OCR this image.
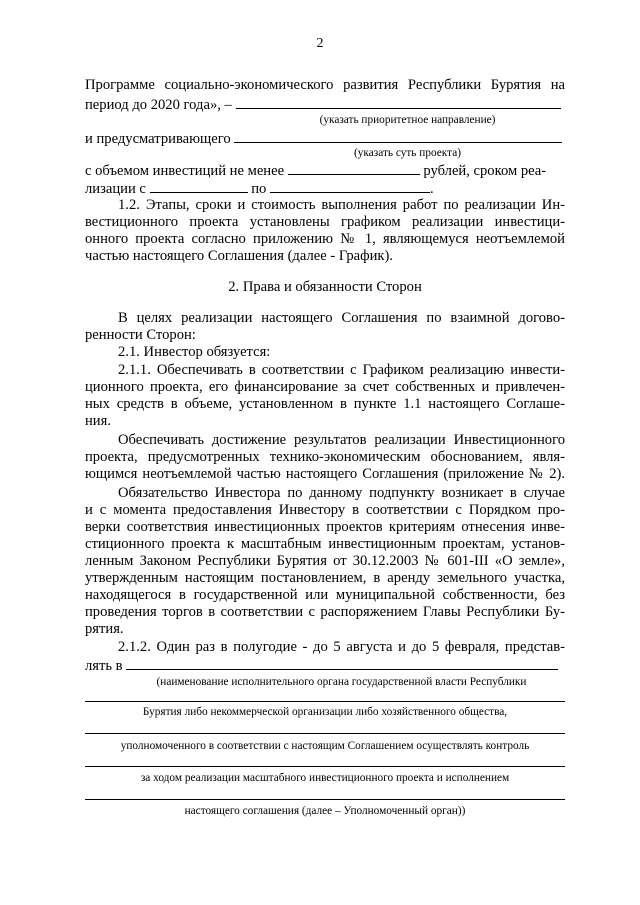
2
Программе социально-экономического развития Республики Бурятия на
период до 2020 года», –
(указать приоритетное направление)
и предусматривающего
(указать суть проекта)
с объемом инвестиций не менее	рублей, сроком реа-
лизации с	по	.
1.2. Этапы, сроки и стоимость выполнения работ по реализации Ин-
вестиционного проекта установлены графиком реализации инвестици-
онного проекта согласно приложению № 1, являющемуся неотъемлемой
частью настоящего Соглашения (далее - График).
2. Права и обязанности Сторон
В целях реализации настоящего Соглашения по взаимной догово-
ренности Сторон:
2.1. Инвестор обязуется:
2.1.1. Обеспечивать в соответствии с Графиком реализацию инвести-
ционного проекта, его финансирование за счет собственных и привлечен-
ных средств в объеме, установленном в пункте 1.1 настоящего Соглаше-
ния.
Обеспечивать достижение результатов реализации Инвестиционного
проекта, предусмотренных технико-экономическим обоснованием, явля-
ющимся неотъемлемой частью настоящего Соглашения (приложение № 2).
Обязательство Инвестора по данному подпункту возникает в случае
и с момента предоставления Инвестору в соответствии с Порядком про-
верки соответствия инвестиционных проектов критериям отнесения инве-
стиционного проекта к масштабным инвестиционным проектам, установ-
ленным Законом Республики Бурятия от 30.12.2003 № 601-III «О земле»,
утвержденным настоящим постановлением, в аренду земельного участка,
находящегося в государственной или муниципальной собственности, без
проведения торгов в соответствии с распоряжением Главы Республики Бу-
рятия.
2.1.2. Один раз в полугодие - до 5 августа и до 5 февраля, представ-
лять в
(наименование исполнительного органа государственной власти Республики
Бурятия либо некоммерческой организации либо хозяйственного общества,
уполномоченного в соответствии с настоящим Соглашением осуществлять контроль
за ходом реализации масштабного инвестиционного проекта и исполнением
настоящего соглашения (далее – Уполномоченный орган))
